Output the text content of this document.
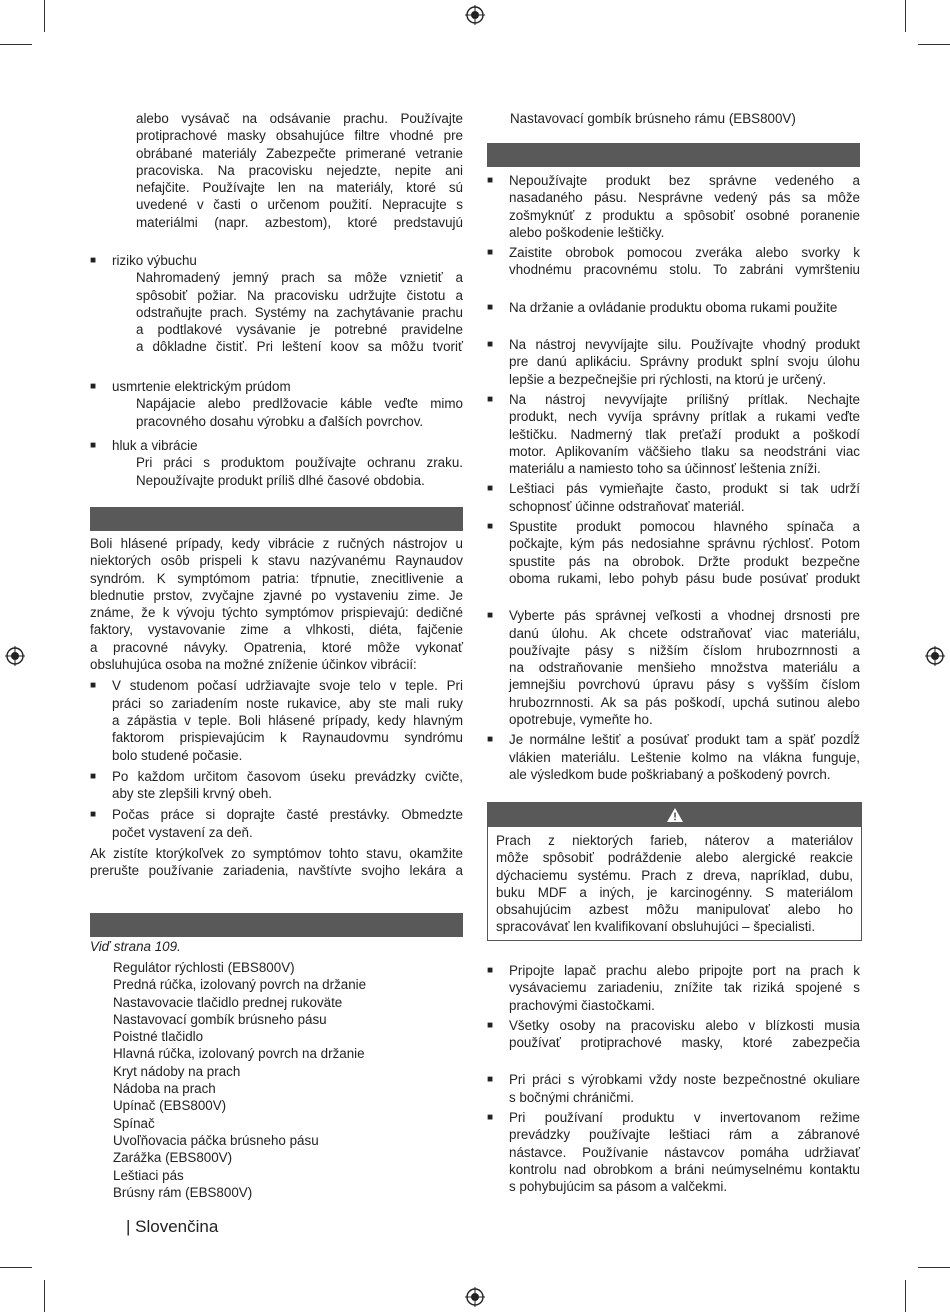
alebo vysávač na odsávanie prachu. Používajte
protiprachové masky obsahujúce filtre vhodné pre
obrábané materiály Zabezpečte primerané vetranie
pracoviska. Na pracovisku nejedzte, nepite ani
nefajčite. Používajte len na materiály, ktoré sú
uvedené v časti o určenom použití. Nepracujte s
materiálmi (napr. azbestom), ktoré predstavujú
■ riziko výbuchu
Nahromadený jemný prach sa môže vznietiť a
spôsobiť požiar. Na pracovisku udržujte čistotu a
odstraňujte prach. Systémy na zachytávanie prachu
a podtlakové vysávanie je potrebné pravidelne
a dôkladne čistiť. Pri leštení koov sa môžu tvoriť
■ usmrtenie elektrickým prúdom
Napájacie alebo predlžovacie káble veďte mimo
pracovného dosahu výrobku a ďalších povrchov.
■ hluk a vibrácie
Pri práci s produktom používajte ochranu zraku.
Nepoužívajte produkt príliš dlhé časové obdobia.
Boli hlásené prípady, kedy vibrácie z ručných nástrojov u
niektorých osôb prispeli k stavu nazývanému Raynaudov
syndróm. K symptómom patria: tŕpnutie, znecitlivenie a
blednutie prstov, zvyčajne zjavné po vystaveniu zime. Je
známe, že k vývoju týchto symptómov prispievajú: dedičné
faktory, vystavovanie zime a vlhkosti, diéta, fajčenie
a pracovné návyky. Opatrenia, ktoré môže vykonať
obsluhujúca osoba na možné zníženie účinkov vibrácií:
■ V studenom počasí udržiavajte svoje telo v teple. Pri
práci so zariadením noste rukavice, aby ste mali ruky
a zápästia v teple. Boli hlásené prípady, kedy hlavným
faktorom prispievajúcim k Raynaudovmu syndrómu
bolo studené počasie.
■ Po každom určitom časovom úseku prevádzky cvičte,
aby ste zlepšili krvný obeh.
■ Počas práce si doprajte časté prestávky. Obmedzte
počet vystavení za deň.
Ak zistíte ktorýkoľvek zo symptómov tohto stavu, okamžite
prerušte používanie zariadenia, navštívte svojho lekára a
Viď strana 109.
Regulátor rýchlosti (EBS800V)
Predná rúčka, izolovaný povrch na držanie
Nastavovacie tlačidlo prednej rukoväte
Nastavovací gombík brúsneho pásu
Poistné tlačidlo
Hlavná rúčka, izolovaný povrch na držanie
Kryt nádoby na prach
Nádoba na prach
Upínač (EBS800V)
Spínač
Uvoľňovacia páčka brúsneho pásu
Zarážka (EBS800V)
Leštiaci pás
Brúsny rám (EBS800V)
| Slovenčina
Nastavovací gombík brúsneho rámu (EBS800V)
■ Nepoužívajte produkt bez správne vedeného a
nasadaného pásu. Nesprávne vedený pás sa môže
zošmyknúť z produktu a spôsobiť osobné poranenie
alebo poškodenie leštičky.
■ Zaistite obrobok pomocou zveráka alebo svorky k
vhodnému pracovnému stolu. To zabráni vymršteniu
■ Na držanie a ovládanie produktu oboma rukami použite
■ Na nástroj nevyvíjajte silu. Používajte vhodný produkt
pre danú aplikáciu. Správny produkt splní svoju úlohu
lepšie a bezpečnejšie pri rýchlosti, na ktorú je určený.
■ Na nástroj nevyvíjajte prílišný prítlak. Nechajte
produkt, nech vyvíja správny prítlak a rukami veďte
leštičku. Nadmerný tlak preťaží produkt a poškodí
motor. Aplikovaním väčšieho tlaku sa neodstráni viac
materiálu a namiesto toho sa účinnosť leštenia zníži.
■ Leštiaci pás vymieňajte často, produkt si tak udrží
schopnosť účinne odstraňovať materiál.
■ Spustite produkt pomocou hlavného spínača a
počkajte, kým pás nedosiahne správnu rýchlosť. Potom
spustite pás na obrobok. Držte produkt bezpečne
oboma rukami, lebo pohyb pásu bude posúvať produkt
■ Vyberte pás správnej veľkosti a vhodnej drsnosti pre
danú úlohu. Ak chcete odstraňovať viac materiálu,
používajte pásy s nižším číslom hrubozrnnosti a
na odstraňovanie menšieho množstva materiálu a
jemnejšiu povrchovú úpravu pásy s vyšším číslom
hrubozrnnosti. Ak sa pás poškodí, upchá sutinou alebo
opotrebuje, vymeňte ho.
■ Je normálne leštiť a posúvať produkt tam a späť pozdĺž
vlákien materiálu. Leštenie kolmo na vlákna funguje,
ale výsledkom bude poškriabaný a poškodený povrch.
Prach z niektorých farieb, náterov a materiálov
môže spôsobiť podráždenie alebo alergické reakcie
dýchaciemu systému. Prach z dreva, napríklad, dubu,
buku MDF a iných, je karcinogénny. S materiálom
obsahujúcim azbest môžu manipulovať alebo ho
spracovávať len kvalifikovaní obsluhujúci – špecialisti.
■ Pripojte lapač prachu alebo pripojte port na prach k
vysávaciemu zariadeniu, znížite tak riziká spojené s
prachovými čiastočkami.
■ Všetky osoby na pracovisku alebo v blízkosti musia
používať protiprachové masky, ktoré zabezpečia
■ Pri práci s výrobkami vždy noste bezpečnostné okuliare
s bočnými chráničmi.
■ Pri používaní produktu v invertovanom režime
prevádzky používajte leštiaci rám a zábranové
nástavce. Používanie nástavcov pomáha udržiavať
kontrolu nad obrobkom a bráni neúmyselnému kontaktu
s pohybujúcim sa pásom a valčekmi.
